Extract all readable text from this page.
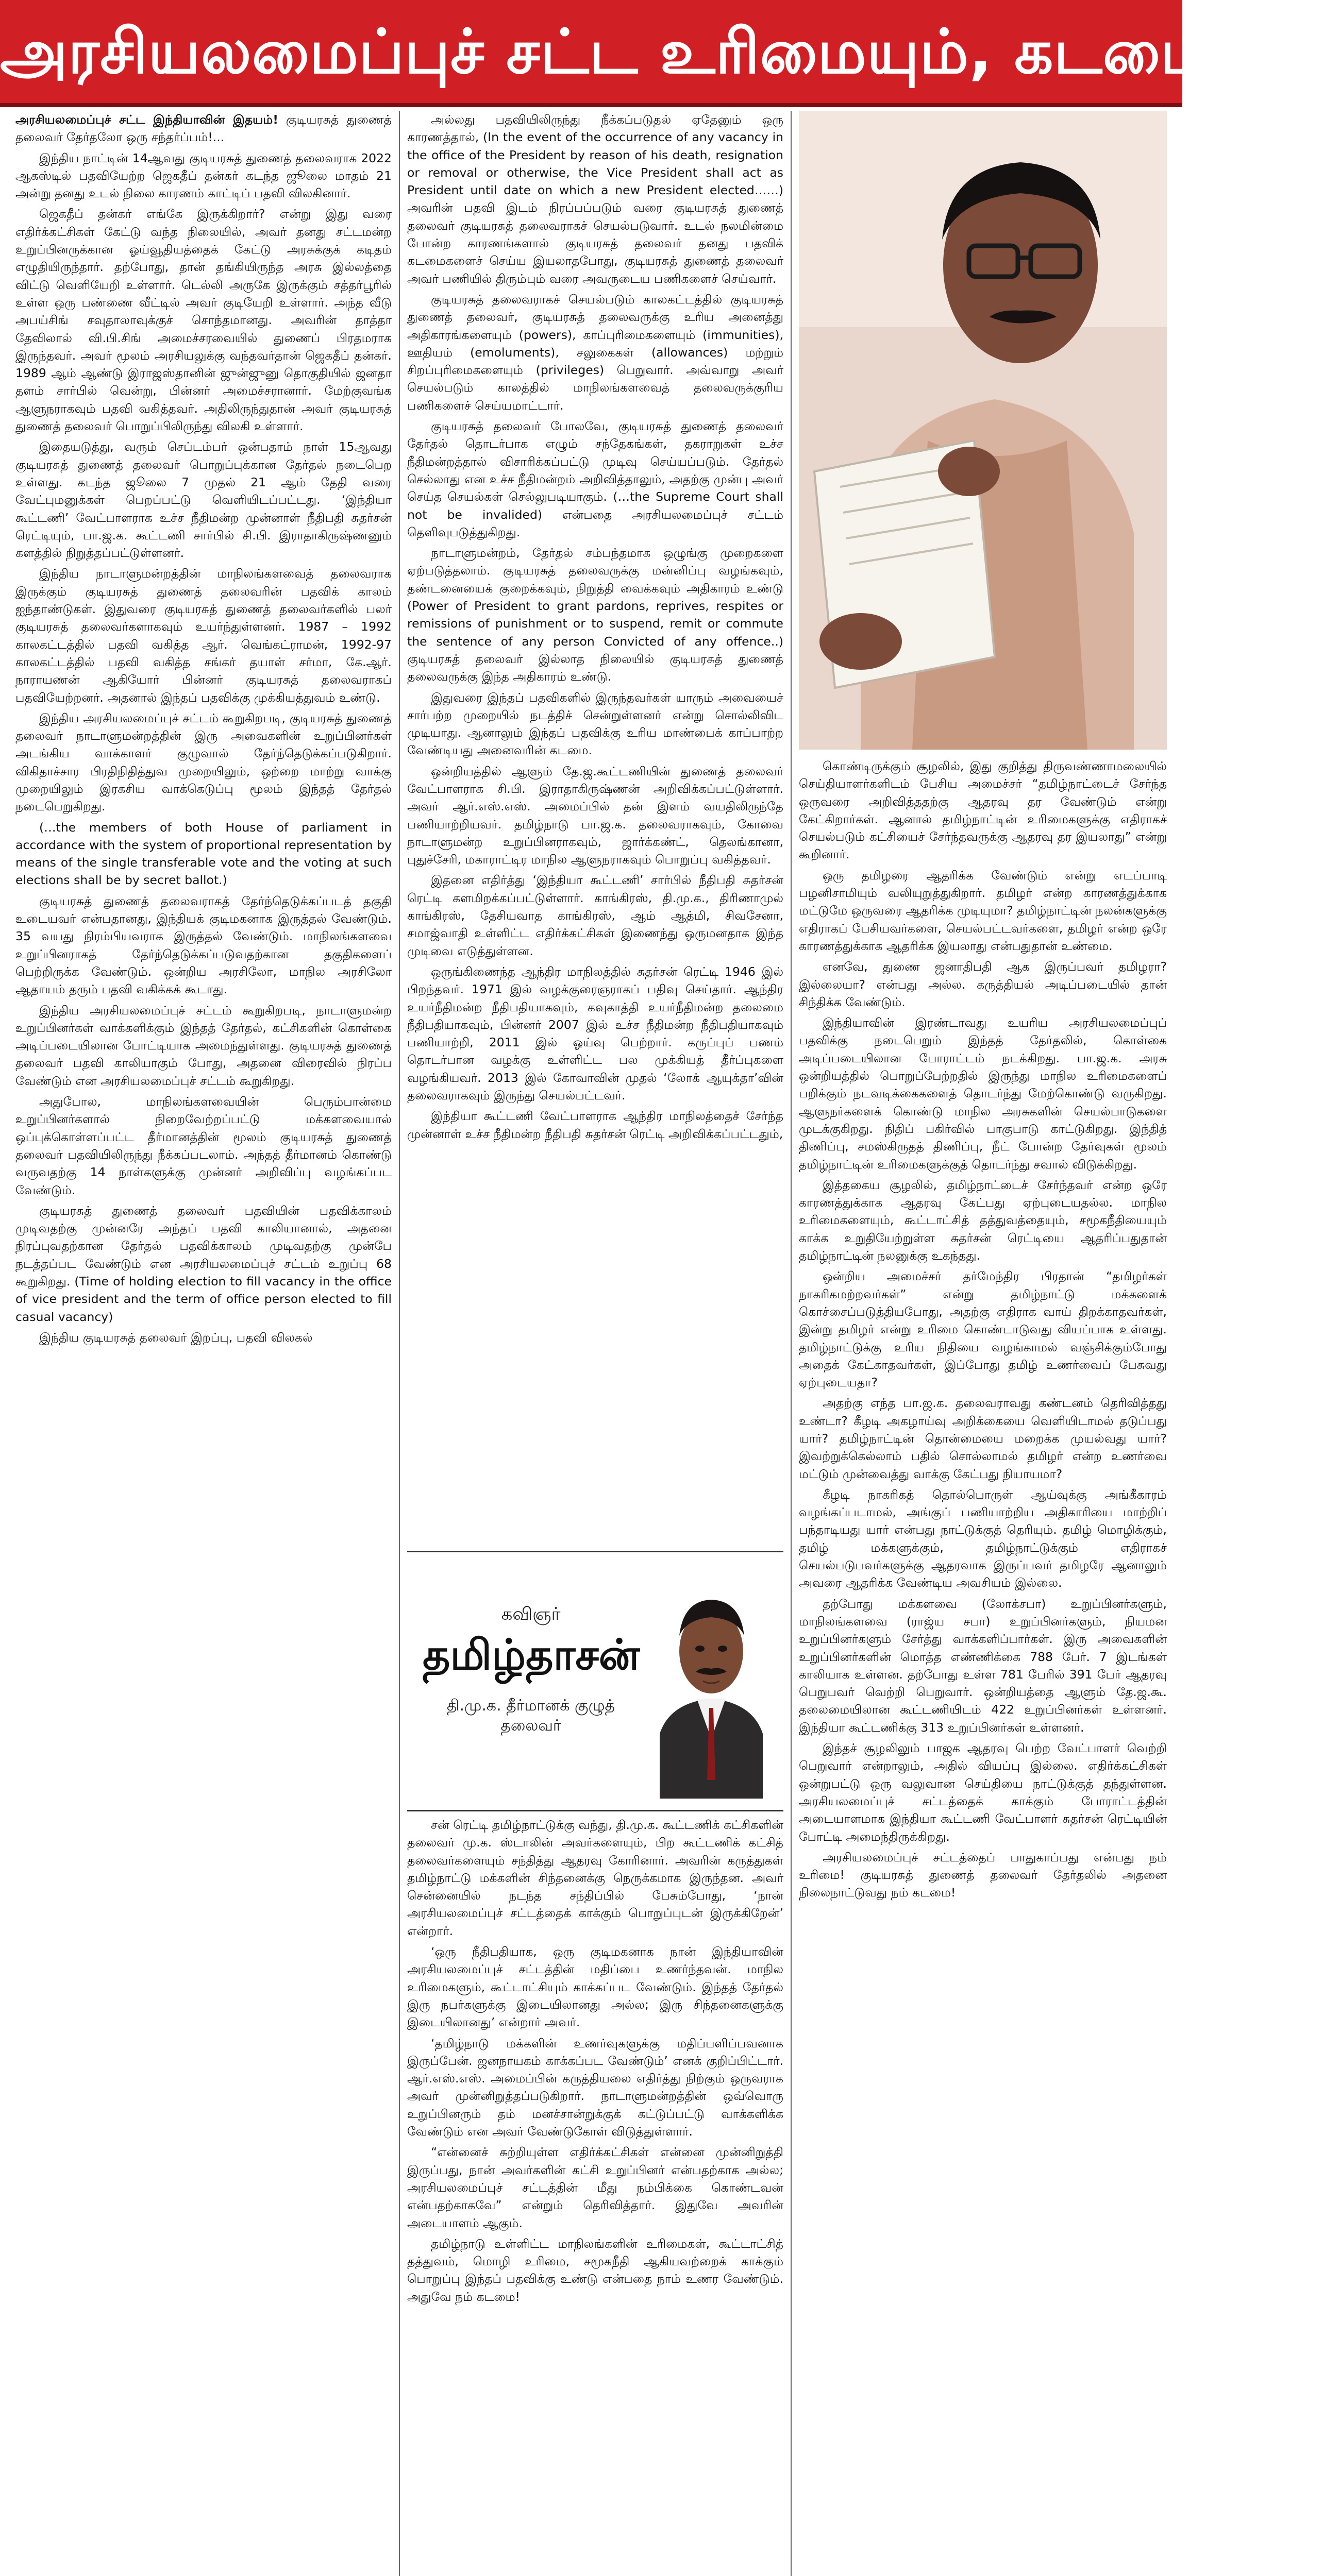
அரசியலமைப்புச் சட்ட உரிமையும், கடமையும்!

அரசியலமைப்புச் சட்ட இந்தியாவின் இதயம்! குடியரசுத் துணைத் தலைவர் தேர்தலோ ஒரு சந்தர்ப்பம்!...

இந்திய நாட்டின் 14ஆவது குடியரசுத் துணைத் தலைவராக 2022 ஆகஸ்டில் பதவியேற்ற ஜெகதீப் தன்கர் கடந்த ஜூலை மாதம் 21 அன்று தனது உடல் நிலை காரணம் காட்டிப் பதவி விலகினார்.

ஜெகதீப் தன்கர் எங்கே இருக்கிறார்? என்று இது வரை எதிர்க்கட்சிகள் கேட்டு வந்த நிலையில், அவர் தனது சட்டமன்ற உறுப்பினருக்கான ஓய்வூதியத்தைக் கேட்டு அரசுக்குக் கடிதம் எழுதியிருந்தார். தற்போது, தான் தங்கியிருந்த அரசு இல்லத்தை விட்டு வெளியேறி உள்ளார். டெல்லி அருகே இருக்கும் சத்தர்பூரில் உள்ள ஒரு பண்ணை வீட்டில் அவர் குடியேறி உள்ளார். அந்த வீடு அபய்சிங் சவுதாலாவுக்குச் சொந்தமானது. அவரின் தாத்தா தேவிலால் வி.பி.சிங் அமைச்சரவையில் துணைப் பிரதமராக இருந்தவர். அவர் மூலம் அரசியலுக்கு வந்தவர்தான் ஜெகதீப் தன்கர். 1989 ஆம் ஆண்டு இராஜஸ்தானின் ஜுன்ஜுனு தொகுதியில் ஜனதா தளம் சார்பில் வென்று, பின்னர் அமைச்சரானார். மேற்குவங்க ஆளுநராகவும் பதவி வகித்தவர். அதிலிருந்துதான் அவர் குடியரசுத் துணைத் தலைவர் பொறுப்பிலிருந்து விலகி உள்ளார்.

இதையடுத்து, வரும் செப்டம்பர் ஒன்பதாம் நாள் 15ஆவது குடியரசுத் துணைத் தலைவர் பொறுப்புக்கான தேர்தல் நடைபெற உள்ளது. கடந்த ஜூலை 7 முதல் 21 ஆம் தேதி வரை வேட்புமனுக்கள் பெறப்பட்டு வெளியிடப்பட்டது. ‘இந்தியா கூட்டணி’ வேட்பாளராக உச்ச நீதிமன்ற முன்னாள் நீதிபதி சுதர்சன் ரெட்டியும், பா.ஜ.க. கூட்டணி சார்பில் சி.பி. இராதாகிருஷ்ணனும் களத்தில் நிறுத்தப்பட்டுள்ளனர்.

இந்திய நாடாளுமன்றத்தின் மாநிலங்களவைத் தலைவராக இருக்கும் குடியரசுத் துணைத் தலைவரின் பதவிக் காலம் ஐந்தாண்டுகள். இதுவரை குடியரசுத் துணைத் தலைவர்களில் பலர் குடியரசுத் தலைவர்களாகவும் உயர்ந்துள்ளனர். 1987 – 1992 காலகட்டத்தில் பதவி வகித்த ஆர். வெங்கட்ராமன், 1992-97 காலகட்டத்தில் பதவி வகித்த சங்கர் தயாள் சர்மா, கே.ஆர். நாராயணன் ஆகியோர் பின்னர் குடியரசுத் தலைவராகப் பதவியேற்றனர். அதனால் இந்தப் பதவிக்கு முக்கியத்துவம் உண்டு.

இந்திய அரசியலமைப்புச் சட்டம் கூறுகிறபடி, குடியரசுத் துணைத் தலைவர் நாடாளுமன்றத்தின் இரு அவைகளின் உறுப்பினர்கள் அடங்கிய வாக்காளர் குழுவால் தேர்ந்தெடுக்கப்படுகிறார். விகிதாச்சார பிரதிநிதித்துவ முறையிலும், ஒற்றை மாற்று வாக்கு முறையிலும் இரகசிய வாக்கெடுப்பு மூலம் இந்தத் தேர்தல் நடைபெறுகிறது.

(…the members of both House of parliament in accordance with the system of proportional representation by means of the single transferable vote and the voting at such elections shall be by secret ballot.)

குடியரசுத் துணைத் தலைவராகத் தேர்ந்தெடுக்கப்படத் தகுதி உடையவர் என்பதானது, இந்தியக் குடிமகனாக இருத்தல் வேண்டும். 35 வயது நிரம்பியவராக இருத்தல் வேண்டும். மாநிலங்களவை உறுப்பினராகத் தேர்ந்தெடுக்கப்படுவதற்கான தகுதிகளைப் பெற்றிருக்க வேண்டும். ஒன்றிய அரசிலோ, மாநில அரசிலோ ஆதாயம் தரும் பதவி வகிக்கக் கூடாது.

இந்திய அரசியலமைப்புச் சட்டம் கூறுகிறபடி, நாடாளுமன்ற உறுப்பினர்கள் வாக்களிக்கும் இந்தத் தேர்தல், கட்சிகளின் கொள்கை அடிப்படையிலான போட்டியாக அமைந்துள்ளது. குடியரசுத் துணைத் தலைவர் பதவி காலியாகும் போது, அதனை விரைவில் நிரப்ப வேண்டும் என அரசியலமைப்புச் சட்டம் கூறுகிறது.

அதுபோல, மாநிலங்களவையின் பெரும்பான்மை உறுப்பினர்களால் நிறைவேற்றப்பட்டு மக்களவையால் ஒப்புக்கொள்ளப்பட்ட தீர்மானத்தின் மூலம் குடியரசுத் துணைத் தலைவர் பதவியிலிருந்து நீக்கப்படலாம். அந்தத் தீர்மானம் கொண்டு வருவதற்கு 14 நாள்களுக்கு முன்னர் அறிவிப்பு வழங்கப்பட வேண்டும்.

குடியரசுத் துணைத் தலைவர் பதவியின் பதவிக்காலம் முடிவதற்கு முன்னரே அந்தப் பதவி காலியானால், அதனை நிரப்புவதற்கான தேர்தல் பதவிக்காலம் முடிவதற்கு முன்பே நடத்தப்பட வேண்டும் என அரசியலமைப்புச் சட்டம் உறுப்பு 68 கூறுகிறது. (Time of holding election to fill vacancy in the office of vice president and the term of office person elected to fill casual vacancy)

இந்திய குடியரசுத் தலைவர் இறப்பு, பதவி விலகல்

அல்லது பதவியிலிருந்து நீக்கப்படுதல் ஏதேனும் ஒரு காரணத்தால், (In the event of the occurrence of any vacancy in the office of the President by reason of his death, resignation or removal or otherwise, the Vice President shall act as President until date on which a new President elected……) அவரின் பதவி இடம் நிரப்பப்படும் வரை குடியரசுத் துணைத் தலைவர் குடியரசுத் தலைவராகச் செயல்படுவார். உடல் நலமின்மை போன்ற காரணங்களால் குடியரசுத் தலைவர் தனது பதவிக் கடமைகளைச் செய்ய இயலாதபோது, குடியரசுத் துணைத் தலைவர் அவர் பணியில் திரும்பும் வரை அவருடைய பணிகளைச் செய்வார்.

குடியரசுத் தலைவராகச் செயல்படும் காலகட்டத்தில் குடியரசுத் துணைத் தலைவர், குடியரசுத் தலைவருக்கு உரிய அனைத்து அதிகாரங்களையும் (powers), காப்புரிமைகளையும் (immunities), ஊதியம் (emoluments), சலுகைகள் (allowances) மற்றும் சிறப்புரிமைகளையும் (privileges) பெறுவார். அவ்வாறு அவர் செயல்படும் காலத்தில் மாநிலங்களவைத் தலைவருக்குரிய பணிகளைச் செய்யமாட்டார்.

குடியரசுத் தலைவர் போலவே, குடியரசுத் துணைத் தலைவர் தேர்தல் தொடர்பாக எழும் சந்தேகங்கள், தகராறுகள் உச்ச நீதிமன்றத்தால் விசாரிக்கப்பட்டு முடிவு செய்யப்படும். தேர்தல் செல்லாது என உச்ச நீதிமன்றம் அறிவித்தாலும், அதற்கு முன்பு அவர் செய்த செயல்கள் செல்லுபடியாகும். (…the Supreme Court shall not be invalided) என்பதை அரசியலமைப்புச் சட்டம் தெளிவுபடுத்துகிறது.

நாடாளுமன்றம், தேர்தல் சம்பந்தமாக ஒழுங்கு முறைகளை ஏற்படுத்தலாம். குடியரசுத் தலைவருக்கு மன்னிப்பு வழங்கவும், தண்டனையைக் குறைக்கவும், நிறுத்தி வைக்கவும் அதிகாரம் உண்டு (Power of President to grant pardons, reprives, respites or remissions of punishment or to suspend, remit or commute the sentence of any person Convicted of any offence..) குடியரசுத் தலைவர் இல்லாத நிலையில் குடியரசுத் துணைத் தலைவருக்கு இந்த அதிகாரம் உண்டு.

இதுவரை இந்தப் பதவிகளில் இருந்தவர்கள் யாரும் அவையைச் சார்பற்ற முறையில் நடத்திச் சென்றுள்ளனர் என்று சொல்லிவிட முடியாது. ஆனாலும் இந்தப் பதவிக்கு உரிய மாண்பைக் காப்பாற்ற வேண்டியது அனைவரின் கடமை.

ஒன்றியத்தில் ஆளும் தே.ஜ.கூட்டணியின் துணைத் தலைவர் வேட்பாளராக சி.பி. இராதாகிருஷ்ணன் அறிவிக்கப்பட்டுள்ளார். அவர் ஆர்.எஸ்.எஸ். அமைப்பில் தன் இளம் வயதிலிருந்தே பணியாற்றியவர். தமிழ்நாடு பா.ஜ.க. தலைவராகவும், கோவை நாடாளுமன்ற உறுப்பினராகவும், ஜார்க்கண்ட், தெலங்கானா, புதுச்சேரி, மகாராட்டிர மாநில ஆளுநராகவும் பொறுப்பு வகித்தவர்.

இதனை எதிர்த்து ‘இந்தியா கூட்டணி’ சார்பில் நீதிபதி சுதர்சன் ரெட்டி களமிறக்கப்பட்டுள்ளார். காங்கிரஸ், தி.மு.க., திரிணாமுல் காங்கிரஸ், தேசியவாத காங்கிரஸ், ஆம் ஆத்மி, சிவசேனா, சமாஜ்வாதி உள்ளிட்ட எதிர்க்கட்சிகள் இணைந்து ஒருமனதாக இந்த முடிவை எடுத்துள்ளன.

ஒருங்கிணைந்த ஆந்திர மாநிலத்தில் சுதர்சன் ரெட்டி 1946 இல் பிறந்தவர். 1971 இல் வழக்குரைஞராகப் பதிவு செய்தார். ஆந்திர உயர்நீதிமன்ற நீதிபதியாகவும், கவுகாத்தி உயர்நீதிமன்ற தலைமை நீதிபதியாகவும், பின்னர் 2007 இல் உச்ச நீதிமன்ற நீதிபதியாகவும் பணியாற்றி, 2011 இல் ஓய்வு பெற்றார். கருப்புப் பணம் தொடர்பான வழக்கு உள்ளிட்ட பல முக்கியத் தீர்ப்புகளை வழங்கியவர். 2013 இல் கோவாவின் முதல் ‘லோக் ஆயுக்தா’வின் தலைவராகவும் இருந்து செயல்பட்டவர்.

இந்தியா கூட்டணி வேட்பாளராக ஆந்திர மாநிலத்தைச் சேர்ந்த முன்னாள் உச்ச நீதிமன்ற நீதிபதி சுதர்சன் ரெட்டி அறிவிக்கப்பட்டதும்,

கவிஞர்
தமிழ்தாசன்
தி.மு.க. தீர்மானக் குழுத் தலைவர்

சன் ரெட்டி தமிழ்நாட்டுக்கு வந்து, தி.மு.க. கூட்டணிக் கட்சிகளின் தலைவர் மு.க. ஸ்டாலின் அவர்களையும், பிற கூட்டணிக் கட்சித் தலைவர்களையும் சந்தித்து ஆதரவு கோரினார். அவரின் கருத்துகள் தமிழ்நாட்டு மக்களின் சிந்தனைக்கு நெருக்கமாக இருந்தன. அவர் சென்னையில் நடந்த சந்திப்பில் பேசும்போது, ‘நான் அரசியலமைப்புச் சட்டத்தைக் காக்கும் பொறுப்புடன் இருக்கிறேன்’ என்றார்.

‘ஒரு நீதிபதியாக, ஒரு குடிமகனாக நான் இந்தியாவின் அரசியலமைப்புச் சட்டத்தின் மதிப்பை உணர்ந்தவன். மாநில உரிமைகளும், கூட்டாட்சியும் காக்கப்பட வேண்டும். இந்தத் தேர்தல் இரு நபர்களுக்கு இடையிலானது அல்ல; இரு சிந்தனைகளுக்கு இடையிலானது’ என்றார் அவர்.

‘தமிழ்நாடு மக்களின் உணர்வுகளுக்கு மதிப்பளிப்பவனாக இருப்பேன். ஜனநாயகம் காக்கப்பட வேண்டும்’ எனக் குறிப்பிட்டார். ஆர்.எஸ்.எஸ். அமைப்பின் கருத்தியலை எதிர்த்து நிற்கும் ஒருவராக அவர் முன்னிறுத்தப்படுகிறார். நாடாளுமன்றத்தின் ஒவ்வொரு உறுப்பினரும் தம் மனச்சான்றுக்குக் கட்டுப்பட்டு வாக்களிக்க வேண்டும் என அவர் வேண்டுகோள் விடுத்துள்ளார்.

“என்னைச் சுற்றியுள்ள எதிர்க்கட்சிகள் என்னை முன்னிறுத்தி இருப்பது, நான் அவர்களின் கட்சி உறுப்பினர் என்பதற்காக அல்ல; அரசியலமைப்புச் சட்டத்தின் மீது நம்பிக்கை கொண்டவன் என்பதற்காகவே” என்றும் தெரிவித்தார். இதுவே அவரின் அடையாளம் ஆகும்.

தமிழ்நாடு உள்ளிட்ட மாநிலங்களின் உரிமைகள், கூட்டாட்சித் தத்துவம், மொழி உரிமை, சமூகநீதி ஆகியவற்றைக் காக்கும் பொறுப்பு இந்தப் பதவிக்கு உண்டு என்பதை நாம் உணர வேண்டும். அதுவே நம் கடமை!

கொண்டிருக்கும் சூழலில், இது குறித்து திருவண்ணாமலையில் செய்தியாளர்களிடம் பேசிய அமைச்சர் “தமிழ்நாட்டைச் சேர்ந்த ஒருவரை அறிவித்ததற்கு ஆதரவு தர வேண்டும் என்று கேட்கிறார்கள். ஆனால் தமிழ்நாட்டின் உரிமைகளுக்கு எதிராகச் செயல்படும் கட்சியைச் சேர்ந்தவருக்கு ஆதரவு தர இயலாது” என்று கூறினார்.

ஒரு தமிழரை ஆதரிக்க வேண்டும் என்று எடப்பாடி பழனிசாமியும் வலியுறுத்துகிறார். தமிழர் என்ற காரணத்துக்காக மட்டுமே ஒருவரை ஆதரிக்க முடியுமா? தமிழ்நாட்டின் நலன்களுக்கு எதிராகப் பேசியவர்களை, செயல்பட்டவர்களை, தமிழர் என்ற ஒரே காரணத்துக்காக ஆதரிக்க இயலாது என்பதுதான் உண்மை.

எனவே, துணை ஜனாதிபதி ஆக இருப்பவர் தமிழரா? இல்லையா? என்பது அல்ல. கருத்தியல் அடிப்படையில் தான் சிந்திக்க வேண்டும்.

இந்தியாவின் இரண்டாவது உயரிய அரசியலமைப்புப் பதவிக்கு நடைபெறும் இந்தத் தேர்தலில், கொள்கை அடிப்படையிலான போராட்டம் நடக்கிறது. பா.ஜ.க. அரசு ஒன்றியத்தில் பொறுப்பேற்றதில் இருந்து மாநில உரிமைகளைப் பறிக்கும் நடவடிக்கைகளைத் தொடர்ந்து மேற்கொண்டு வருகிறது. ஆளுநர்களைக் கொண்டு மாநில அரசுகளின் செயல்பாடுகளை முடக்குகிறது. நிதிப் பகிர்வில் பாகுபாடு காட்டுகிறது. இந்தித் திணிப்பு, சமஸ்கிருதத் திணிப்பு, நீட் போன்ற தேர்வுகள் மூலம் தமிழ்நாட்டின் உரிமைகளுக்குத் தொடர்ந்து சவால் விடுக்கிறது.

இத்தகைய சூழலில், தமிழ்நாட்டைச் சேர்ந்தவர் என்ற ஒரே காரணத்துக்காக ஆதரவு கேட்பது ஏற்புடையதல்ல. மாநில உரிமைகளையும், கூட்டாட்சித் தத்துவத்தையும், சமூகநீதியையும் காக்க உறுதியேற்றுள்ள சுதர்சன் ரெட்டியை ஆதரிப்பதுதான் தமிழ்நாட்டின் நலனுக்கு உகந்தது.

ஒன்றிய அமைச்சர் தர்மேந்திர பிரதான் “தமிழர்கள் நாகரிகமற்றவர்கள்” என்று தமிழ்நாட்டு மக்களைக் கொச்சைப்படுத்தியபோது, அதற்கு எதிராக வாய் திறக்காதவர்கள், இன்று தமிழர் என்று உரிமை கொண்டாடுவது வியப்பாக உள்ளது. தமிழ்நாட்டுக்கு உரிய நிதியை வழங்காமல் வஞ்சிக்கும்போது அதைக் கேட்காதவர்கள், இப்போது தமிழ் உணர்வைப் பேசுவது ஏற்புடையதா?

அதற்கு எந்த பா.ஜ.க. தலைவராவது கண்டனம் தெரிவித்தது உண்டா? கீழடி அகழாய்வு அறிக்கையை வெளியிடாமல் தடுப்பது யார்? தமிழ்நாட்டின் தொன்மையை மறைக்க முயல்வது யார்? இவற்றுக்கெல்லாம் பதில் சொல்லாமல் தமிழர் என்ற உணர்வை மட்டும் முன்வைத்து வாக்கு கேட்பது நியாயமா?

கீழடி நாகரிகத் தொல்பொருள் ஆய்வுக்கு அங்கீகாரம் வழங்கப்படாமல், அங்குப் பணியாற்றிய அதிகாரியை மாற்றிப் பந்தாடியது யார் என்பது நாட்டுக்குத் தெரியும். தமிழ் மொழிக்கும், தமிழ் மக்களுக்கும், தமிழ்நாட்டுக்கும் எதிராகச் செயல்படுபவர்களுக்கு ஆதரவாக இருப்பவர் தமிழரே ஆனாலும் அவரை ஆதரிக்க வேண்டிய அவசியம் இல்லை.

தற்போது மக்களவை (லோக்சபா) உறுப்பினர்களும், மாநிலங்களவை (ராஜ்ய சபா) உறுப்பினர்களும், நியமன உறுப்பினர்களும் சேர்த்து வாக்களிப்பார்கள். இரு அவைகளின் உறுப்பினர்களின் மொத்த எண்ணிக்கை 788 பேர். 7 இடங்கள் காலியாக உள்ளன. தற்போது உள்ள 781 பேரில் 391 பேர் ஆதரவு பெறுபவர் வெற்றி பெறுவார். ஒன்றியத்தை ஆளும் தே.ஜ.கூ. தலைமையிலான கூட்டணியிடம் 422 உறுப்பினர்கள் உள்ளனர். இந்தியா கூட்டணிக்கு 313 உறுப்பினர்கள் உள்ளனர்.

இந்தச் சூழலிலும் பாஜக ஆதரவு பெற்ற வேட்பாளர் வெற்றி பெறுவார் என்றாலும், அதில் வியப்பு இல்லை. எதிர்க்கட்சிகள் ஒன்றுபட்டு ஒரு வலுவான செய்தியை நாட்டுக்குத் தந்துள்ளன. அரசியலமைப்புச் சட்டத்தைக் காக்கும் போராட்டத்தின் அடையாளமாக இந்தியா கூட்டணி வேட்பாளர் சுதர்சன் ரெட்டியின் போட்டி அமைந்திருக்கிறது.

அரசியலமைப்புச் சட்டத்தைப் பாதுகாப்பது என்பது நம் உரிமை! குடியரசுத் துணைத் தலைவர் தேர்தலில் அதனை நிலைநாட்டுவது நம் கடமை!
